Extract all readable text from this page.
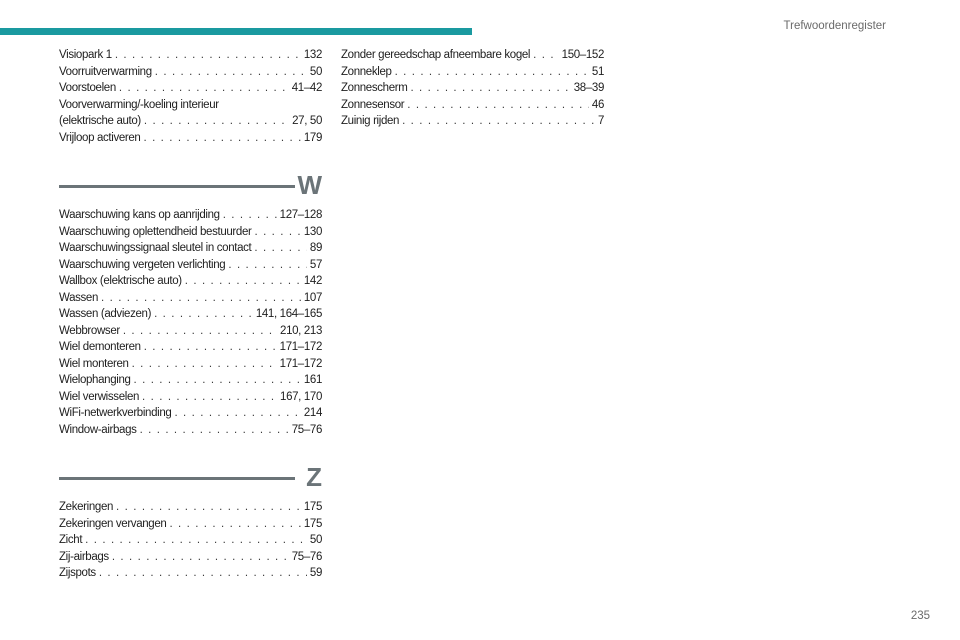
Trefwoordenregister
Visiopark 1 . . .	132
Voorruitverwarming . . .	50
Voorstoelen . . .	41–42
Voorverwarming/-koeling interieur
(elektrische auto) . . .	27, 50
Vrijloop activeren . . .	179
W
Waarschuwing kans op aanrijding . . .	127–128
Waarschuwing oplettendheid bestuurder . . .	130
Waarschuwingssignaal sleutel in contact . . .	89
Waarschuwing vergeten verlichting . . .	57
Wallbox (elektrische auto) . . .	142
Wassen . . .	107
Wassen (adviezen) . . .	141, 164–165
Webbrowser . . .	210, 213
Wiel demonteren . . .	171–172
Wiel monteren . . .	171–172
Wielophanging . . .	161
Wiel verwisselen . . .	167, 170
WiFi-netwerkverbinding . . .	214
Window-airbags . . .	75–76
Z
Zekeringen . . .	175
Zekeringen vervangen . . .	175
Zicht . . .	50
Zij-airbags . . .	75–76
Zijspots . . .	59
Zonder gereedschap afneembare kogel . . .	150–152
Zonneklep . . .	51
Zonnescherm . . .	38–39
Zonnesensor . . .	46
Zuinig rijden . . .	7
235
